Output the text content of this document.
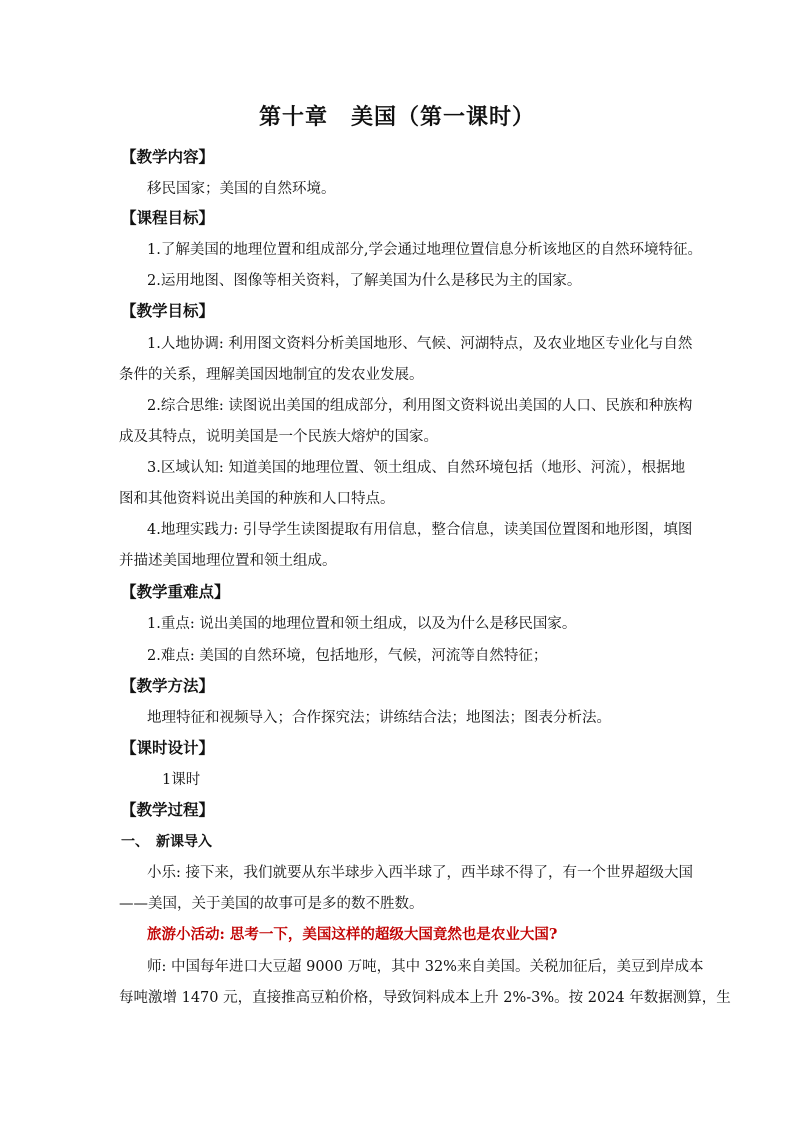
第十章　美国（第一课时）
【教学内容】
移民国家；美国的自然环境。
【课程目标】
1.了解美国的地理位置和组成部分,学会通过地理位置信息分析该地区的自然环境特征。
2.运用地图、图像等相关资料，了解美国为什么是移民为主的国家。
【教学目标】
1.人地协调: 利用图文资料分析美国地形、气候、河湖特点，及农业地区专业化与自然
条件的关系，理解美国因地制宜的发农业发展。
2.综合思维: 读图说出美国的组成部分，利用图文资料说出美国的人口、民族和种族构
成及其特点，说明美国是一个民族大熔炉的国家。
3.区域认知: 知道美国的地理位置、领土组成、自然环境包括（地形、河流），根据地
图和其他资料说出美国的种族和人口特点。
4.地理实践力: 引导学生读图提取有用信息，整合信息，读美国位置图和地形图，填图
并描述美国地理位置和领土组成。
【教学重难点】
1.重点: 说出美国的地理位置和领土组成，以及为什么是移民国家。
2.难点: 美国的自然环境，包括地形，气候，河流等自然特征；
【教学方法】
地理特征和视频导入；合作探究法；讲练结合法；地图法；图表分析法。
【课时设计】
1课时
【教学过程】
一、　新课导入
小乐: 接下来，我们就要从东半球步入西半球了，西半球不得了，有一个世界超级大国
——美国，关于美国的故事可是多的数不胜数。
旅游小活动: 思考一下，美国这样的超级大国竟然也是农业大国?
师: 中国每年进口大豆超 9000 万吨，其中 32%来自美国。关税加征后，美豆到岸成本
每吨激增 1470 元，直接推高豆粕价格，导致饲料成本上升 2%-3%。按 2024 年数据测算，生
